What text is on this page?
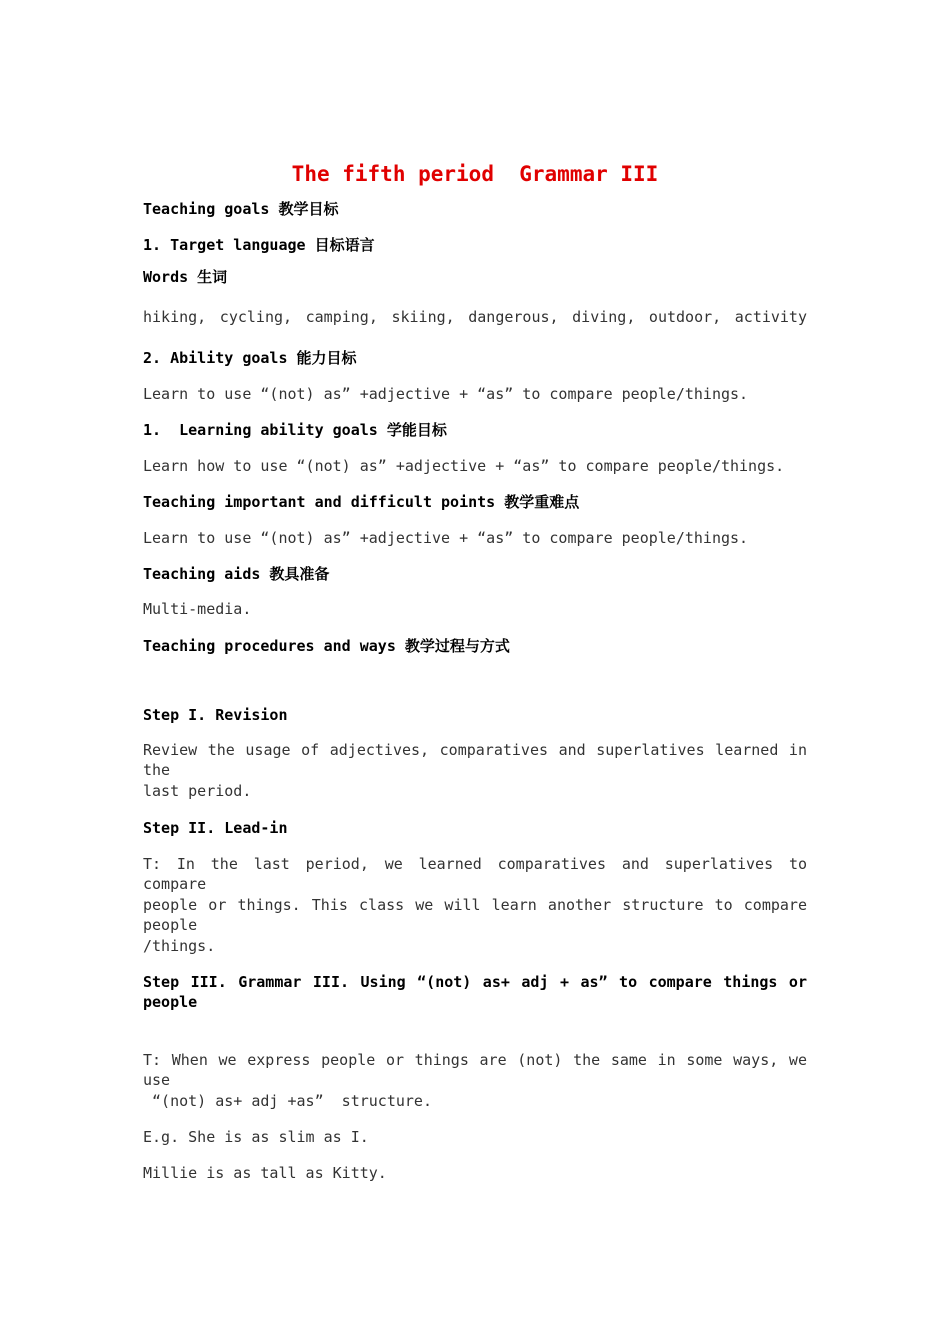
The fifth period  Grammar III
Teaching goals 教学目标
1. Target language 目标语言
Words 生词
hiking, cycling, camping, skiing, dangerous, diving, outdoor, activity
2. Ability goals 能力目标
Learn to use “(not) as” +adjective + “as” to compare people/things.
1.  Learning ability goals 学能目标
Learn how to use “(not) as” +adjective + “as” to compare people/things.
Teaching important and difficult points 教学重难点
Learn to use “(not) as” +adjective + “as” to compare people/things.
Teaching aids 教具准备
Multi-media.
Teaching procedures and ways 教学过程与方式
Step I. Revision
Review the usage of adjectives, comparatives and superlatives learned in the
last period.
Step II. Lead-in
T: In the last period, we learned comparatives and superlatives to compare
people or things. This class we will learn another structure to compare people
/things.
Step III. Grammar III. Using “(not) as+ adj + as” to compare things or people
T: When we express people or things are (not) the same in some ways, we use
“(not) as+ adj +as”  structure.
E.g. She is as slim as I.
Millie is as tall as Kitty.
